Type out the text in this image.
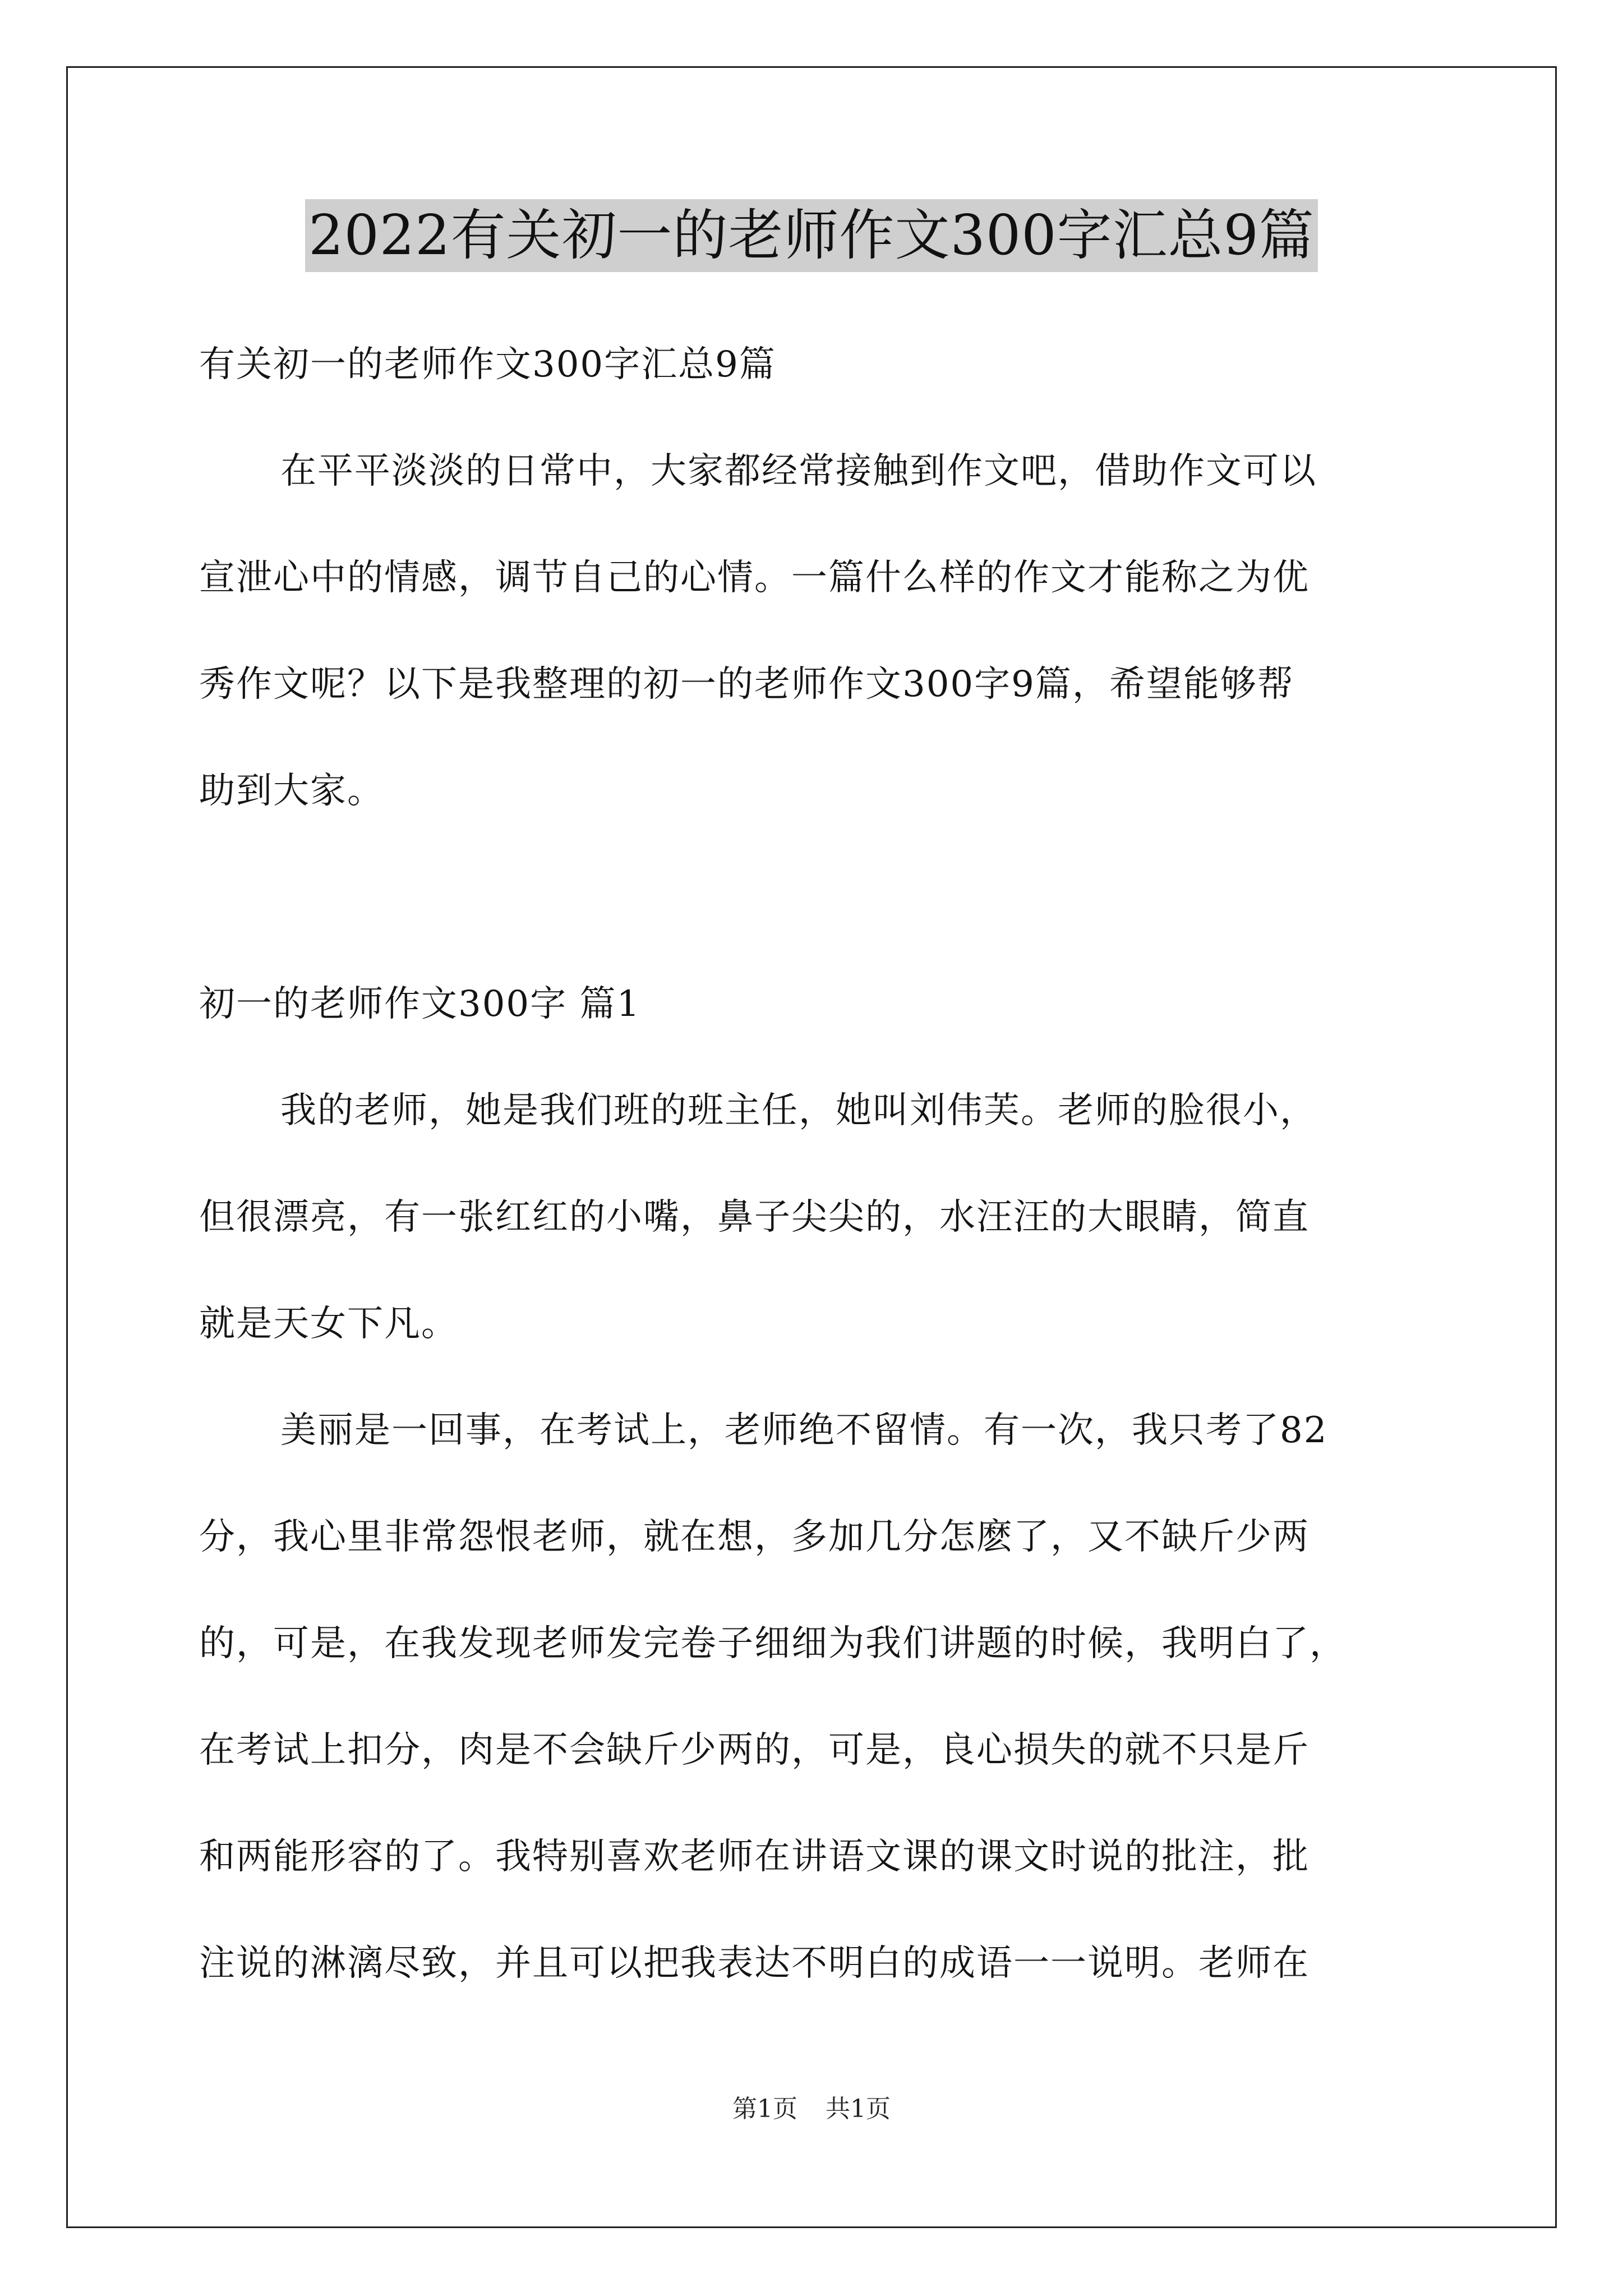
2022有关初一的老师作文300字汇总9篇
有关初一的老师作文300字汇总9篇
在平平淡淡的日常中，大家都经常接触到作文吧，借助作文可以
宣泄心中的情感，调节自己的心情。一篇什么样的作文才能称之为优
秀作文呢？以下是我整理的初一的老师作文300字9篇，希望能够帮
助到大家。
初一的老师作文300字 篇1
我的老师，她是我们班的班主任，她叫刘伟芙。老师的脸很小，
但很漂亮，有一张红红的小嘴，鼻子尖尖的，水汪汪的大眼睛，简直
就是天女下凡。
美丽是一回事，在考试上，老师绝不留情。有一次，我只考了82
分，我心里非常怨恨老师，就在想，多加几分怎麽了，又不缺斤少两
的，可是，在我发现老师发完卷子细细为我们讲题的时候，我明白了，
在考试上扣分，肉是不会缺斤少两的，可是，良心损失的就不只是斤
和两能形容的了。我特别喜欢老师在讲语文课的课文时说的批注，批
注说的淋漓尽致，并且可以把我表达不明白的成语一一说明。老师在
第1页 共1页
